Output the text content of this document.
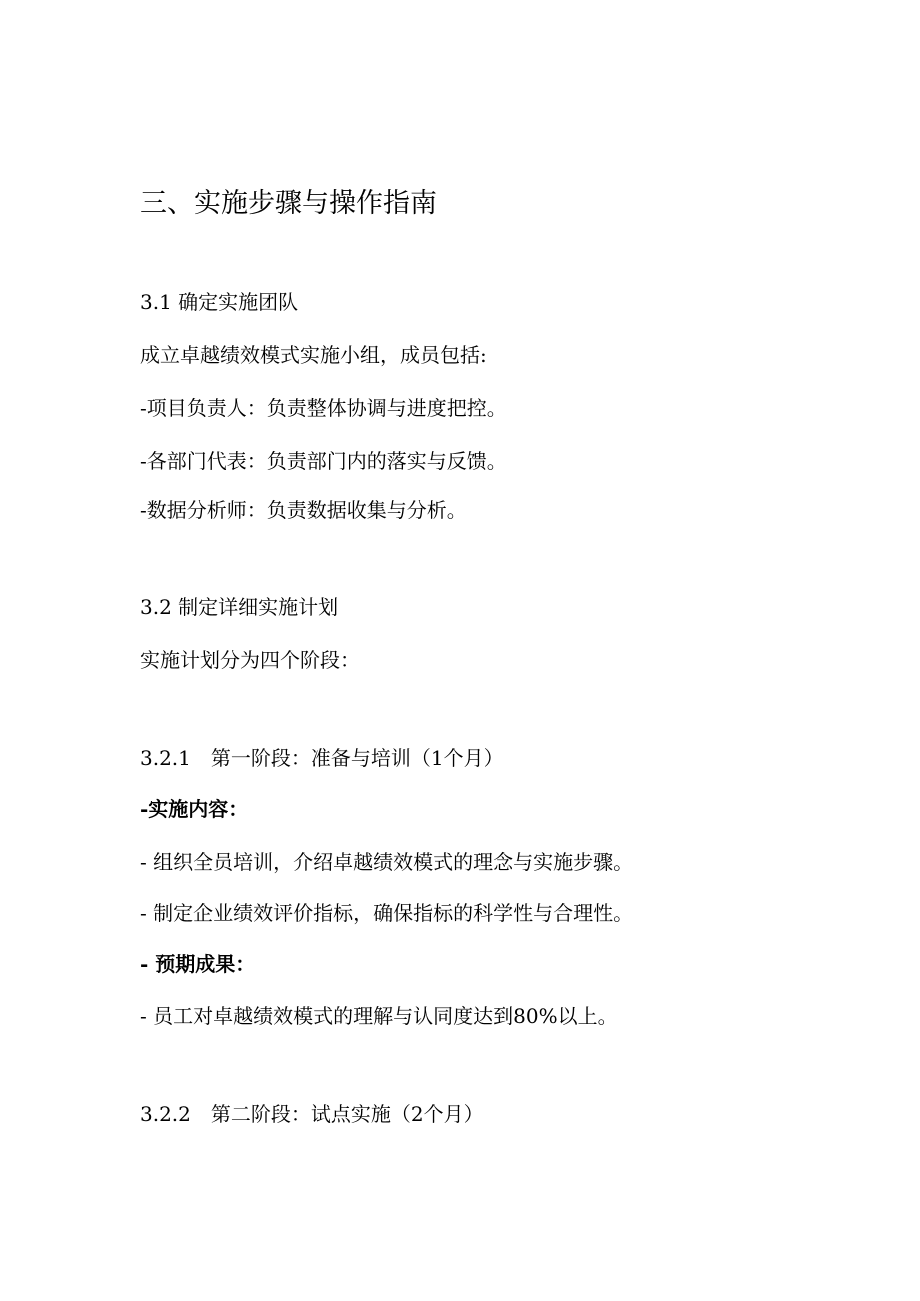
三、实施步骤与操作指南
3.1 确定实施团队
成立卓越绩效模式实施小组，成员包括:
-项目负责人：负责整体协调与进度把控。
-各部门代表：负责部门内的落实与反馈。
-数据分析师：负责数据收集与分析。
3.2 制定详细实施计划
实施计划分为四个阶段：
3.2.1　第一阶段：准备与培训（1个月）
-实施内容：
- 组织全员培训，介绍卓越绩效模式的理念与实施步骤。
- 制定企业绩效评价指标，确保指标的科学性与合理性。
- 预期成果：
- 员工对卓越绩效模式的理解与认同度达到80%以上。
3.2.2　第二阶段：试点实施（2个月）
